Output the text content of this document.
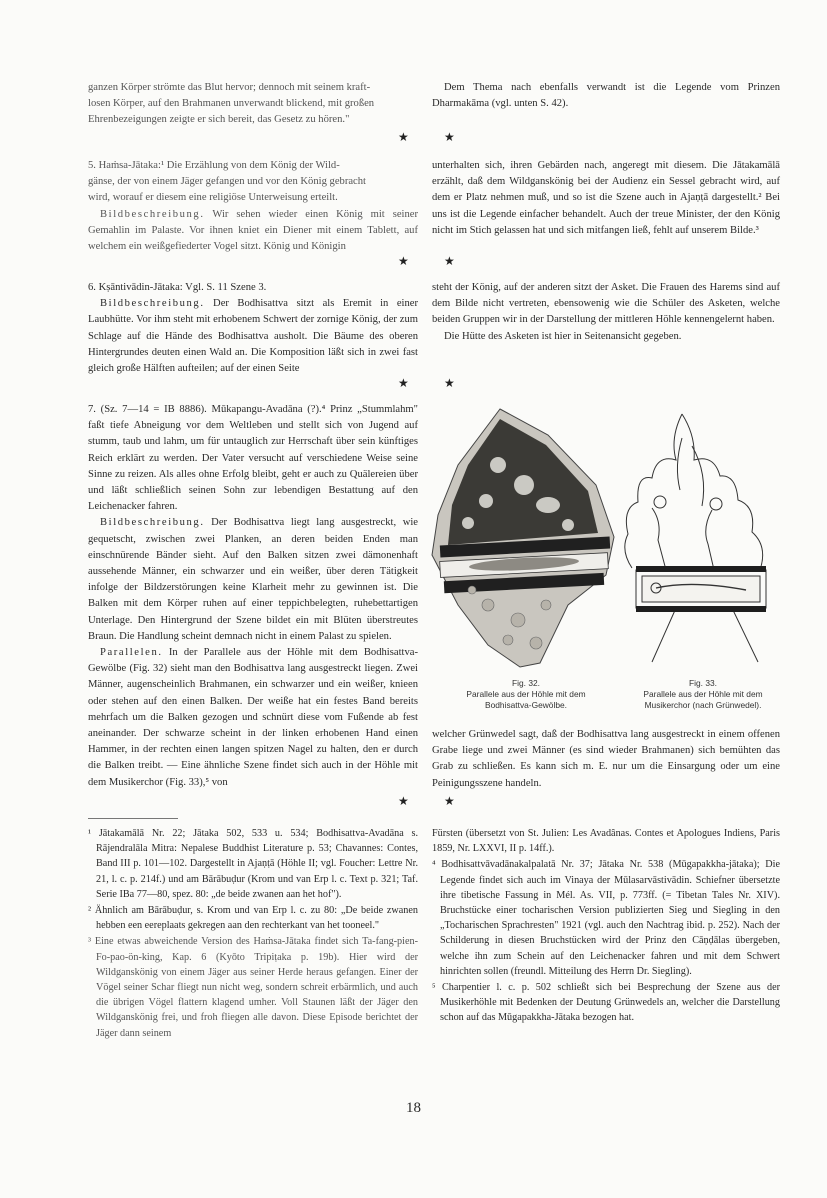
ganzen Körper strömte das Blut hervor; dennoch mit seinem kraft-

losen Körper, auf den Brahmanen unverwandt blickend, mit großen

Ehrenbezeigungen zeigte er sich bereit, das Gesetz zu hören."

5. Haṁsa-Jātaka:¹ Die Erzählung von dem König der Wild-

gänse, der von einem Jäger gefangen und vor den König gebracht

wird, worauf er diesem eine religiöse Unterweisung erteilt.

Bildbeschreibung. Wir sehen wieder einen König mit seiner Gemahlin im Palaste. Vor ihnen kniet ein Diener mit einem Tablett, auf welchem ein weißgefiederter Vogel sitzt. König und Königin

6. Kṣāntivādin-Jātaka: Vgl. S. 11 Szene 3.

Bildbeschreibung. Der Bodhisattva sitzt als Eremit in einer Laubhütte. Vor ihm steht mit erhobenem Schwert der zornige König, der zum Schlage auf die Hände des Bodhisattva ausholt. Die Bäume des oberen Hintergrundes deuten einen Wald an. Die Komposition läßt sich in zwei fast gleich große Hälften aufteilen; auf der einen Seite

7. (Sz. 7—14 = IB 8886). Mūkapangu-Avadāna (?).⁴ Prinz „Stummlahm" faßt tiefe Abneigung vor dem Weltleben und stellt sich von Jugend auf stumm, taub und lahm, um für untauglich zur Herrschaft über sein künftiges Reich erklärt zu werden. Der Vater versucht auf verschiedene Weise seine Sinne zu reizen. Als alles ohne Erfolg bleibt, geht er auch zu Quälereien über und läßt schließlich seinen Sohn zur lebendigen Bestattung auf den Leichenacker fahren.

Bildbeschreibung. Der Bodhisattva liegt lang ausgestreckt, wie gequetscht, zwischen zwei Planken, an deren beiden Enden man einschnürende Bänder sieht. Auf den Balken sitzen zwei dämonenhaft aussehende Männer, ein schwarzer und ein weißer, über deren Tätigkeit infolge der Bildzerstörungen keine Klarheit mehr zu gewinnen ist. Die Balken mit dem Körper ruhen auf einer teppichbelegten, ruhebettartigen Unterlage. Den Hintergrund der Szene bildet ein mit Blüten überstreutes Braun. Die Handlung scheint demnach nicht in einem Palast zu spielen.

Parallelen. In der Parallele aus der Höhle mit dem Bodhisattva-Gewölbe (Fig. 32) sieht man den Bodhisattva lang ausgestreckt liegen. Zwei Männer, augenscheinlich Brahmanen, ein schwarzer und ein weißer, knieen oder stehen auf den einen Balken. Der weiße hat ein festes Band bereits mehrfach um die Balken gezogen und schnürt diese vom Fußende ab fest aneinander. Der schwarze scheint in der linken erhobenen Hand einen Hammer, in der rechten einen langen spitzen Nagel zu halten, den er durch die Balken treibt. — Eine ähnliche Szene findet sich auch in der Höhle mit dem Musikerchor (Fig. 33),⁵ von

Dem Thema nach ebenfalls verwandt ist die Legende vom Prinzen Dharmakāma (vgl. unten S. 42).

unterhalten sich, ihren Gebärden nach, angeregt mit diesem. Die Jātakamālā erzählt, daß dem Wildganskönig bei der Audienz ein Sessel gebracht wird, auf dem er Platz nehmen muß, und so ist die Szene auch in Ajaṇṭā dargestellt.² Bei uns ist die Legende einfacher behandelt. Auch der treue Minister, der den König nicht im Stich gelassen hat und sich mitfangen ließ, fehlt auf unserem Bilde.³

steht der König, auf der anderen sitzt der Asket. Die Frauen des Harems sind auf dem Bilde nicht vertreten, ebensowenig wie die Schüler des Asketen, welche beiden Gruppen wir in der Darstellung der mittleren Höhle kennengelernt haben.

Die Hütte des Asketen ist hier in Seitenansicht gegeben.

welcher Grünwedel sagt, daß der Bodhisattva lang ausgestreckt in einem offenen Grabe liege und zwei Männer (es sind wieder Brahmanen) sich bemühten das Grab zu schließen. Es kann sich m. E. nur um die Einsargung oder um eine Peinigungsszene handeln.

★	★
★	★
★	★
★	★
Fig. 32.
Parallele aus der Höhle mit dem
Bodhisattva-Gewölbe.
Fig. 33.
Parallele aus der Höhle mit dem
Musikerchor (nach Grünwedel).

¹ Jātakamālā Nr. 22; Jātaka 502, 533 u. 534; Bodhisattva-Avadāna s. Rājendralāla Mitra: Nepalese Buddhist Literature p. 53; Chavannes: Contes, Band III p. 101—102. Dargestellt in Ajaṇṭā (Höhle II; vgl. Foucher: Lettre Nr. 21, l. c. p. 214f.) und am Bārābuḍur (Krom und van Erp l. c. Text p. 321; Taf. Serie IBa 77—80, spez. 80: „de beide zwanen aan het hof").

² Ähnlich am Bārābuḍur, s. Krom und van Erp l. c. zu 80: „De beide zwanen hebben een eereplaats gekregen aan den rechterkant van het tooneel."

³ Eine etwas abweichende Version des Haṁsa-Jātaka findet sich Ta-fang-pien-Fo-pao-ön-king, Kap. 6 (Kyōto Tripiṭaka p. 19b). Hier wird der Wildganskönig von einem Jäger aus seiner Herde heraus gefangen. Einer der Vögel seiner Schar fliegt nun nicht weg, sondern schreit erbärmlich, und auch die übrigen Vögel flattern klagend umher. Voll Staunen läßt der Jäger den Wildganskönig frei, und froh fliegen alle davon. Diese Episode berichtet der Jäger dann seinem

Fürsten (übersetzt von St. Julien: Les Avadânas. Contes et Apologues Indiens, Paris 1859, Nr. LXXVI, II p. 14ff.).

⁴ Bodhisattvāvadānakalpalatā Nr. 37; Jātaka Nr. 538 (Mūgapakkha-jātaka); Die Legende findet sich auch im Vinaya der Mūlasarvāstivādin. Schiefner übersetzte ihre tibetische Fassung in Mél. As. VII, p. 773ff. (= Tibetan Tales Nr. XIV). Bruchstücke einer tocharischen Version publizierten Sieg und Siegling in den „Tocharischen Sprachresten" 1921 (vgl. auch den Nachtrag ibid. p. 252). Nach der Schilderung in diesen Bruchstücken wird der Prinz den Cāṇḍālas übergeben, welche ihn zum Schein auf den Leichenacker fahren und mit dem Schwert hinrichten sollen (freundl. Mitteilung des Herrn Dr. Siegling).

⁵ Charpentier l. c. p. 502 schließt sich bei Besprechung der Szene aus der Musikerhöhle mit Bedenken der Deutung Grünwedels an, welcher die Darstellung schon auf das Mūgapakkha-Jātaka bezogen hat.

18
